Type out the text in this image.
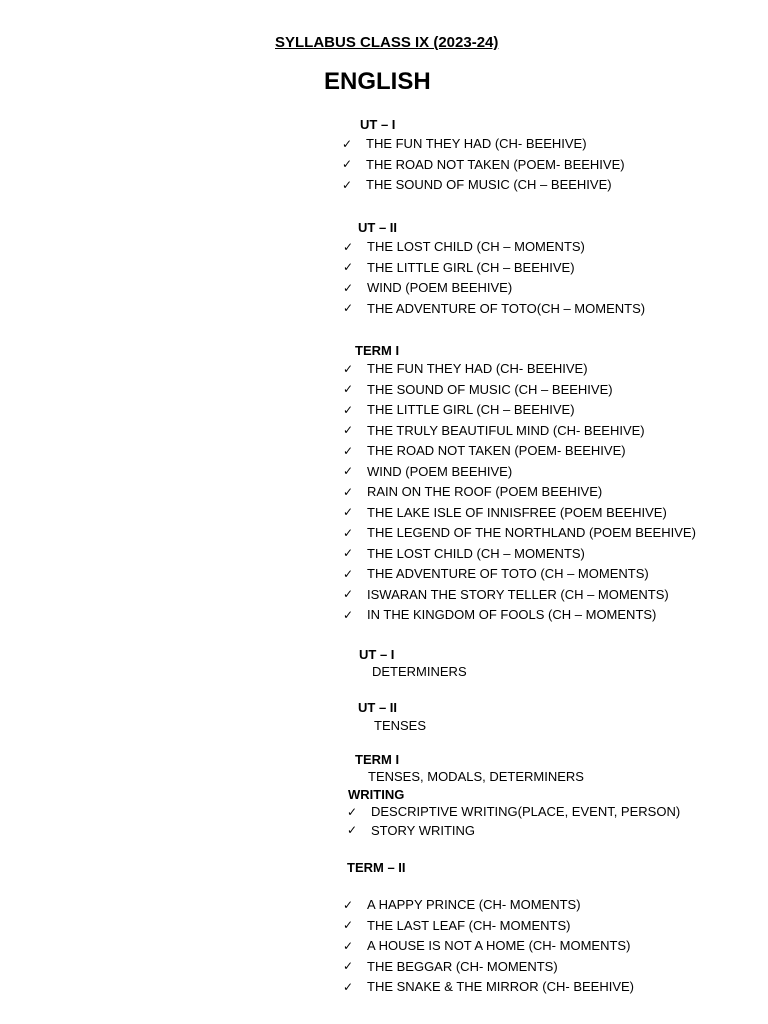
SYLLABUS CLASS IX (2023-24)
ENGLISH
UT – I
✓	THE FUN THEY HAD (CH- BEEHIVE)
✓	THE ROAD NOT TAKEN (POEM- BEEHIVE)
✓	THE SOUND OF MUSIC (CH – BEEHIVE)
UT – II
✓	THE LOST CHILD (CH – MOMENTS)
✓	THE LITTLE GIRL (CH – BEEHIVE)
✓	WIND (POEM BEEHIVE)
✓	THE ADVENTURE OF TOTO(CH – MOMENTS)
TERM I
✓	THE FUN THEY HAD (CH- BEEHIVE)
✓	THE SOUND OF MUSIC (CH – BEEHIVE)
✓	THE LITTLE GIRL (CH – BEEHIVE)
✓	THE TRULY BEAUTIFUL MIND (CH- BEEHIVE)
✓	THE ROAD NOT TAKEN (POEM- BEEHIVE)
✓	WIND (POEM BEEHIVE)
✓	RAIN ON THE ROOF (POEM BEEHIVE)
✓	THE LAKE ISLE OF INNISFREE (POEM BEEHIVE)
✓	THE LEGEND OF THE NORTHLAND (POEM BEEHIVE)
✓	THE LOST CHILD (CH – MOMENTS)
✓	THE ADVENTURE OF TOTO (CH – MOMENTS)
✓	ISWARAN THE STORY TELLER (CH – MOMENTS)
✓	IN THE KINGDOM OF FOOLS (CH – MOMENTS)
UT – I
DETERMINERS
UT – II
TENSES
TERM I
TENSES, MODALS, DETERMINERS
WRITING
✓	DESCRIPTIVE WRITING(PLACE, EVENT, PERSON)
✓	STORY WRITING
TERM – II
✓	A HAPPY PRINCE (CH- MOMENTS)
✓	THE LAST LEAF (CH- MOMENTS)
✓	A HOUSE IS NOT A HOME (CH- MOMENTS)
✓	THE BEGGAR (CH- MOMENTS)
✓	THE SNAKE & THE MIRROR (CH- BEEHIVE)
